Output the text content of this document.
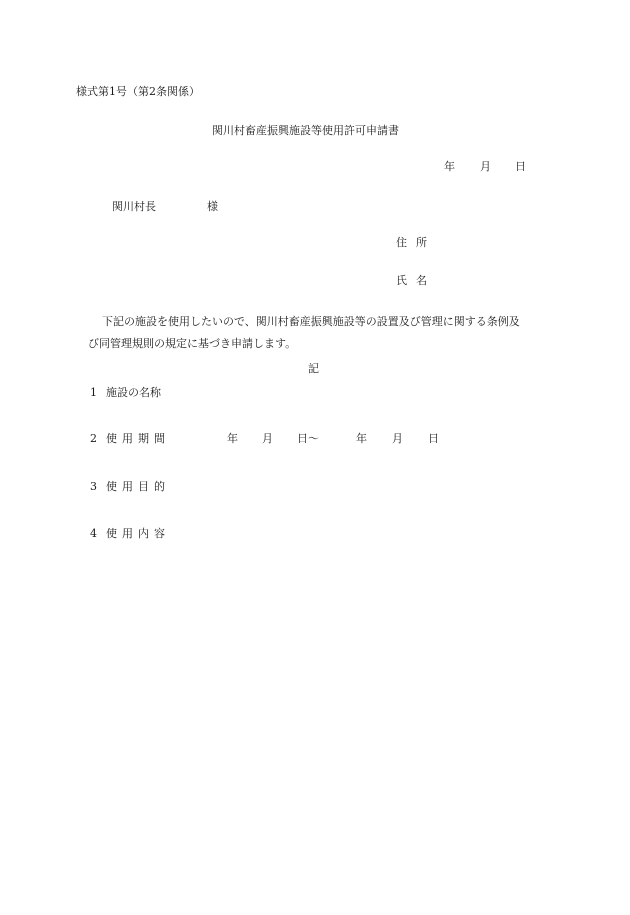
様式第1号（第2条関係）
関川村畜産振興施設等使用許可申請書
年 月 日
関川村長	様
住所
氏名
下記の施設を使用したいので、関川村畜産振興施設等の設置及び管理に関する条例及
び同管理規則の規定に基づき申請します。
記
1 施設の名称
2 使用期間	年 月 日～	年 月 日
3 使用目的
4 使用内容
